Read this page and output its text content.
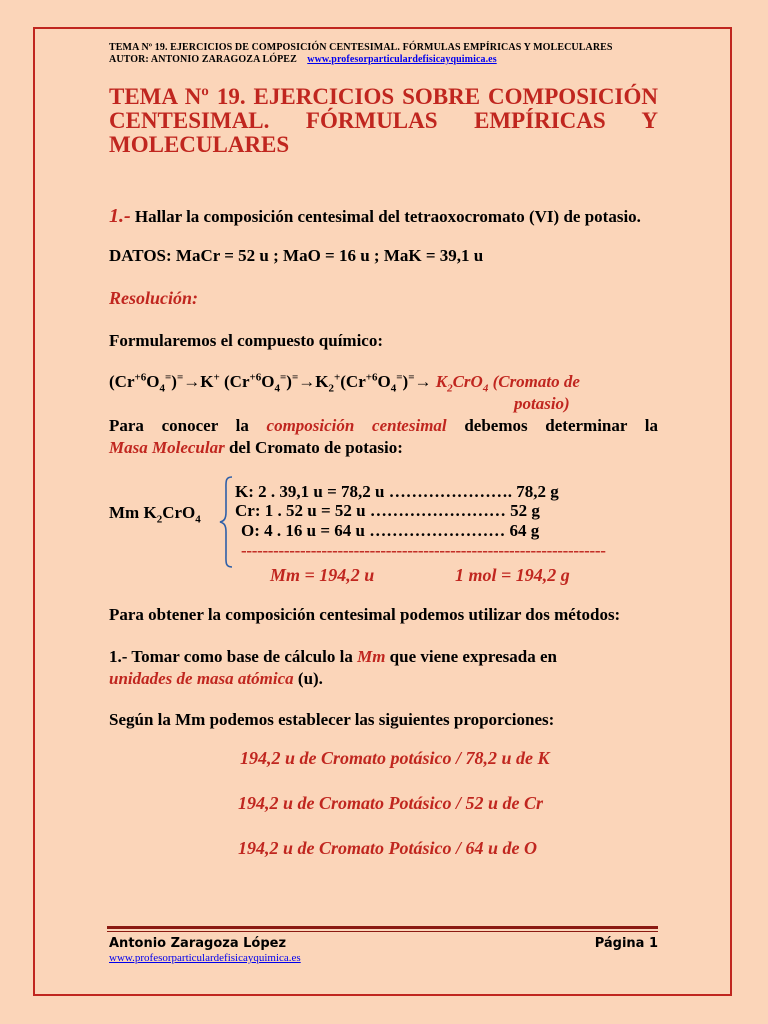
TEMA Nº 19. EJERCICIOS DE COMPOSICIÓN CENTESIMAL. FÓRMULAS EMPÍRICAS Y MOLECULARES
AUTOR: ANTONIO ZARAGOZA LÓPEZ www.profesorparticulardefisicayquimica.es
TEMA Nº 19. EJERCICIOS SOBRE COMPOSICIÓN CENTESIMAL. FÓRMULAS EMPÍRICAS Y MOLECULARES
1.- Hallar la composición centesimal del tetraoxocromato (VI) de potasio.
DATOS: MaCr = 52 u ; MaO = 16 u ; MaK = 39,1 u
Resolución:
Formularemos el compuesto químico:
$(Cr^{+6}O_4^=)^=\to K^+$ $(Cr^{+6}O_4^=)^=\to K_2^+(Cr^{+6}O_4^=)^=\to K_2CrO_4$ (Cromato de
potasio)
Para conocer la composición centesimal debemos determinar la
Masa Molecular del Cromato de potasio:
Mm $K_2CrO_4$
K: 2 . 39,1 u = 78,2 u …………………. 78,2 g
Cr: 1 . 52 u = 52 u …………………… 52 g
O: 4 . 16 u = 64 u …………………… 64 g
--------------------------------------------------------------------
Mm = 194,2 u	1 mol = 194,2 g
Para obtener la composición centesimal podemos utilizar dos métodos:
1.- Tomar como base de cálculo la Mm que viene expresada en
unidades de masa atómica (u).
Según la Mm podemos establecer las siguientes proporciones:
194,2 u de Cromato potásico / 78,2 u de K
194,2 u de Cromato Potásico / 52 u de Cr
194,2 u de Cromato Potásico / 64 u de O
Antonio Zaragoza López	Página 1
www.profesorparticulardefisicayquimica.es
